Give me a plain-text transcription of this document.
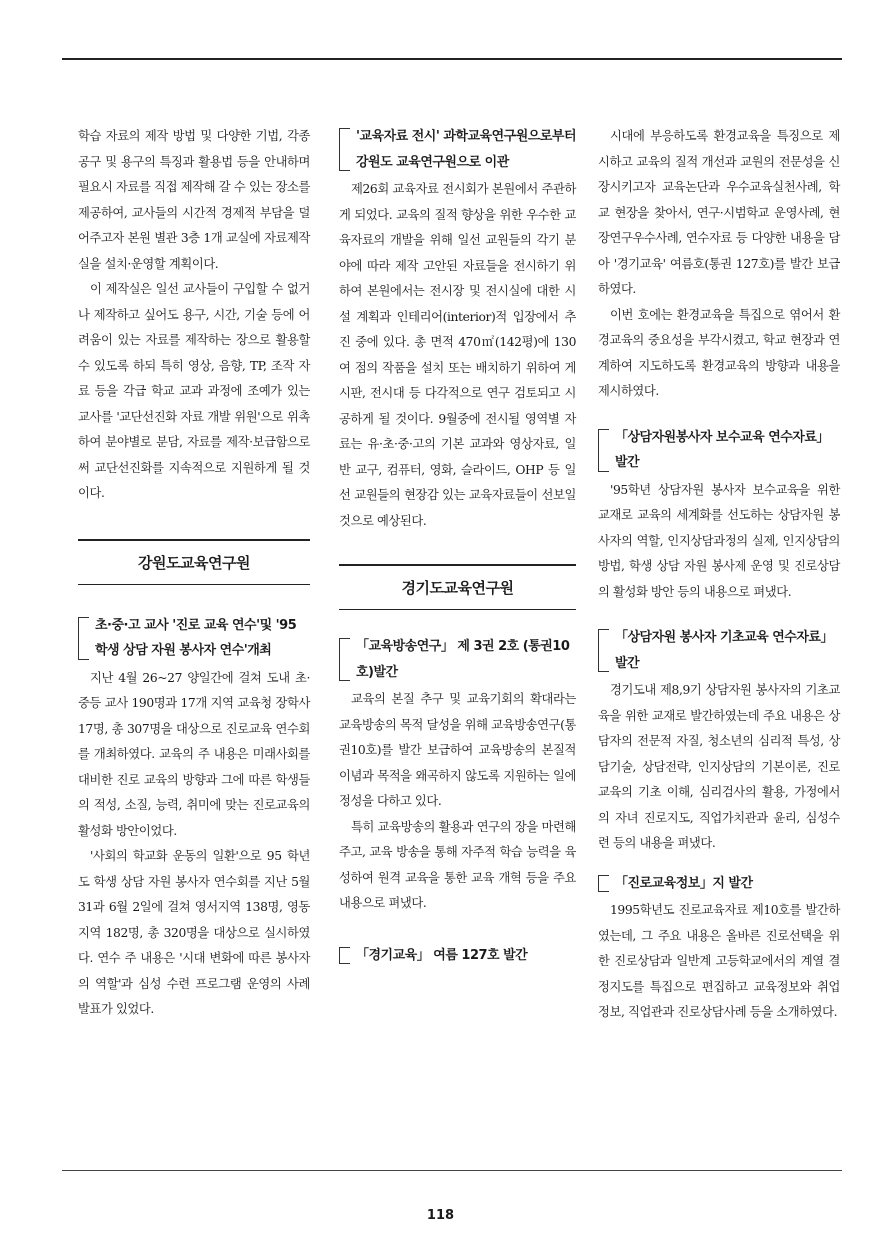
학습 자료의 제작 방법 및 다양한 기법, 각종 공구 및 용구의 특징과 활용법 등을 안내하며 필요시 자료를 직접 제작해 갈 수 있는 장소를 제공하여, 교사들의 시간적 경제적 부담을 덜어주고자 본원 별관 3층 1개 교실에 자료제작실을 설치·운영할 계획이다.

이 제작실은 일선 교사들이 구입할 수 없거나 제작하고 싶어도 용구, 시간, 기술 등에 어려움이 있는 자료를 제작하는 장으로 활용할 수 있도록 하되 특히 영상, 음향, TP, 조작 자료 등을 각급 학교 교과 과정에 조예가 있는 교사를 '교단선진화 자료 개발 위원'으로 위촉하여 분야별로 분담, 자료를 제작·보급함으로써 교단선진화를 지속적으로 지원하게 될 것이다.

강원도교육연구원
초·중·고 교사 '진로 교육 연수'및 '95 학생 상담 자원 봉사자 연수'개최

지난 4월 26~27 양일간에 걸쳐 도내 초·중등 교사 190명과 17개 지역 교육청 장학사 17명, 총 307명을 대상으로 진로교육 연수회를 개최하였다. 교육의 주 내용은 미래사회를 대비한 진로 교육의 방향과 그에 따른 학생들의 적성, 소질, 능력, 취미에 맞는 진로교육의 활성화 방안이었다.

'사회의 학교화 운동의 일환'으로 95 학년도 학생 상담 자원 봉사자 연수회를 지난 5월 31과 6월 2일에 걸쳐 영서지역 138명, 영동지역 182명, 총 320명을 대상으로 실시하였다. 연수 주 내용은 '시대 변화에 따른 봉사자의 역할'과 심성 수련 프로그램 운영의 사례 발표가 있었다.

'교육자료 전시' 과학교육연구원으로부터 강원도 교육연구원으로 이관

제26회 교육자료 전시회가 본원에서 주관하게 되었다. 교육의 질적 향상을 위한 우수한 교육자료의 개발을 위해 일선 교원들의 각기 분야에 따라 제작 고안된 자료들을 전시하기 위하여 본원에서는 전시장 및 전시실에 대한 시설 계획과 인테리어(interior)적 입장에서 추진 중에 있다. 총 면적 470㎡(142평)에 130여 점의 작품을 설치 또는 배치하기 위하여 게시판, 전시대 등 다각적으로 연구 검토되고 시공하게 될 것이다. 9월중에 전시될 영역별 자료는 유·초·중·고의 기본 교과와 영상자료, 일반 교구, 컴퓨터, 영화, 슬라이드, OHP 등 일선 교원들의 현장감 있는 교육자료들이 선보일 것으로 예상된다.

경기도교육연구원
「교육방송연구」 제 3권 2호 (통권10호)발간

교육의 본질 추구 및 교육기회의 확대라는 교육방송의 목적 달성을 위해 교육방송연구(통권10호)를 발간 보급하여 교육방송의 본질적 이념과 목적을 왜곡하지 않도록 지원하는 일에 정성을 다하고 있다.

특히 교육방송의 활용과 연구의 장을 마련해 주고, 교육 방송을 통해 자주적 학습 능력을 육성하여 원격 교육을 통한 교육 개혁 등을 주요내용으로 펴냈다.

「경기교육」 여름 127호 발간

시대에 부응하도록 환경교육을 특징으로 제시하고 교육의 질적 개선과 교원의 전문성을 신장시키고자 교육논단과 우수교육실천사례, 학교 현장을 찾아서, 연구·시범학교 운영사례, 현장연구우수사례, 연수자료 등 다양한 내용을 담아 '경기교육' 여름호(통권 127호)를 발간 보급하였다.

이번 호에는 환경교육을 특집으로 엮어서 환경교육의 중요성을 부각시켰고, 학교 현장과 연계하여 지도하도록 환경교육의 방향과 내용을 제시하였다.

「상담자원봉사자 보수교육 연수자료」 발간

'95학년 상담자원 봉사자 보수교육을 위한 교재로 교육의 세계화를 선도하는 상담자원 봉사자의 역할, 인지상담과정의 실제, 인지상담의 방법, 학생 상담 자원 봉사제 운영 및 진로상담의 활성화 방안 등의 내용으로 펴냈다.

「상담자원 봉사자 기초교육 연수자료」 발간

경기도내 제8,9기 상담자원 봉사자의 기초교육을 위한 교재로 발간하였는데 주요 내용은 상담자의 전문적 자질, 청소년의 심리적 특성, 상담기술, 상담전략, 인지상담의 기본이론, 진로교육의 기초 이해, 심리검사의 활용, 가정에서의 자녀 진로지도, 직업가치관과 윤리, 심성수련 등의 내용을 펴냈다.

「진로교육정보」지 발간

1995학년도 진로교육자료 제10호를 발간하였는데, 그 주요 내용은 올바른 진로선택을 위한 진로상담과 일반계 고등학교에서의 계열 결정지도를 특집으로 편집하고 교육정보와 취업정보, 직업관과 진로상담사례 등을 소개하였다.

118
